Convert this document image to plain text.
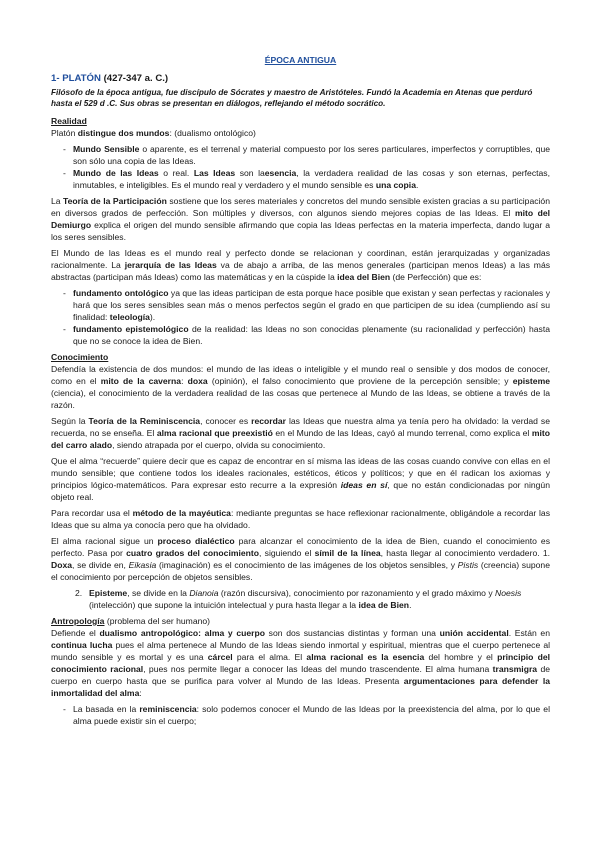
ÉPOCA ANTIGUA
1- PLATÓN (427-347 a. C.)
Filósofo de la época antigua, fue discípulo de Sócrates y maestro de Aristóteles. Fundó la Academia en Atenas que perduró hasta el 529 d .C. Sus obras se presentan en diálogos, reflejando el método socrático.
Realidad

Platón distingue dos mundos: (dualismo ontológico)

- Mundo Sensible o aparente, es el terrenal y material compuesto por los seres particulares, imperfectos y corruptibles, que son sólo una copia de las Ideas.
- Mundo de las Ideas o real. Las Ideas son laesencia, la verdadera realidad de las cosas y son eternas, perfectas, inmutables, e inteligibles. Es el mundo real y verdadero y el mundo sensible es una copia.

La Teoría de la Participación sostiene que los seres materiales y concretos del mundo sensible existen gracias a su participación en diversos grados de perfección. Son múltiples y diversos, con algunos siendo mejores copias de las Ideas. El mito del Demiurgo explica el origen del mundo sensible afirmando que copia las Ideas perfectas en la materia imperfecta, dando lugar a los seres sensibles.

El Mundo de las Ideas es el mundo real y perfecto donde se relacionan y coordinan, están jerarquizadas y organizadas racionalmente. La jerarquía de las Ideas va de abajo a arriba, de las menos generales (participan menos Ideas) a las más abstractas (participan más Ideas) como las matemáticas y en la cúspide la idea del Bien (de Perfección) que es:

- fundamento ontológico ya que las ideas participan de esta porque hace posible que existan y sean perfectas y racionales y hará que los seres sensibles sean más o menos perfectos según el grado en que participen de su idea (cumpliendo así su finalidad: teleología).
- fundamento epistemológico de la realidad: las Ideas no son conocidas plenamente (su racionalidad y perfección) hasta que no se conoce la idea de Bien.
Conocimiento

Defendía la existencia de dos mundos: el mundo de las ideas o inteligible y el mundo real o sensible y dos modos de conocer, como en el mito de la caverna: doxa (opinión), el falso conocimiento que proviene de la percepción sensible; y episteme (ciencia), el conocimiento de la verdadera realidad de las cosas que pertenece al Mundo de las Ideas, se obtiene a través de la razón.

Según la Teoría de la Reminiscencia, conocer es recordar las Ideas que nuestra alma ya tenía pero ha olvidado: la verdad se recuerda, no se enseña. El alma racional que preexistió en el Mundo de las Ideas, cayó al mundo terrenal, como explica el mito del carro alado, siendo atrapada por el cuerpo, olvida su conocimiento.

Que el alma “recuerde” quiere decir que es capaz de encontrar en sí misma las ideas de las cosas cuando convive con ellas en el mundo sensible; que contiene todos los ideales racionales, estéticos, éticos y políticos; y que en él radican los axiomas y principios lógico-matemáticos. Para expresar esto recurre a la expresión ideas en sí, que no están condicionadas por ningún objeto real.

Para recordar usa el método de la mayéutica: mediante preguntas se hace reflexionar racionalmente, obligándole a recordar las Ideas que su alma ya conocía pero que ha olvidado.

El alma racional sigue un proceso dialéctico para alcanzar el conocimiento de la idea de Bien, cuando el conocimiento es perfecto. Pasa por cuatro grados del conocimiento, siguiendo el símil de la línea, hasta llegar al conocimiento verdadero. 1. Doxa, se divide en, Eikasia (imaginación) es el conocimiento de las imágenes de los objetos sensibles, y Pistis (creencia) supone el conocimiento por percepción de objetos sensibles.

2. Episteme, se divide en la Dianoia (razón discursiva), conocimiento por razonamiento y el grado máximo y Noesis (intelección) que supone la intuición intelectual y pura hasta llegar a la idea de Bien.
Antropología (problema del ser humano)

Defiende el dualismo antropológico: alma y cuerpo son dos sustancias distintas y forman una unión accidental. Están en continua lucha pues el alma pertenece al Mundo de las Ideas siendo inmortal y espiritual, mientras que el cuerpo pertenece al mundo sensible y es mortal y es una cárcel para el alma. El alma racional es la esencia del hombre y el principio del conocimiento racional, pues nos permite llegar a conocer las Ideas del mundo trascendente. El alma humana transmigra de cuerpo en cuerpo hasta que se purifica para volver al Mundo de las Ideas. Presenta argumentaciones para defender la inmortalidad del alma:

- La basada en la reminiscencia: solo podemos conocer el Mundo de las Ideas por la preexistencia del alma, por lo que el alma puede existir sin el cuerpo;
